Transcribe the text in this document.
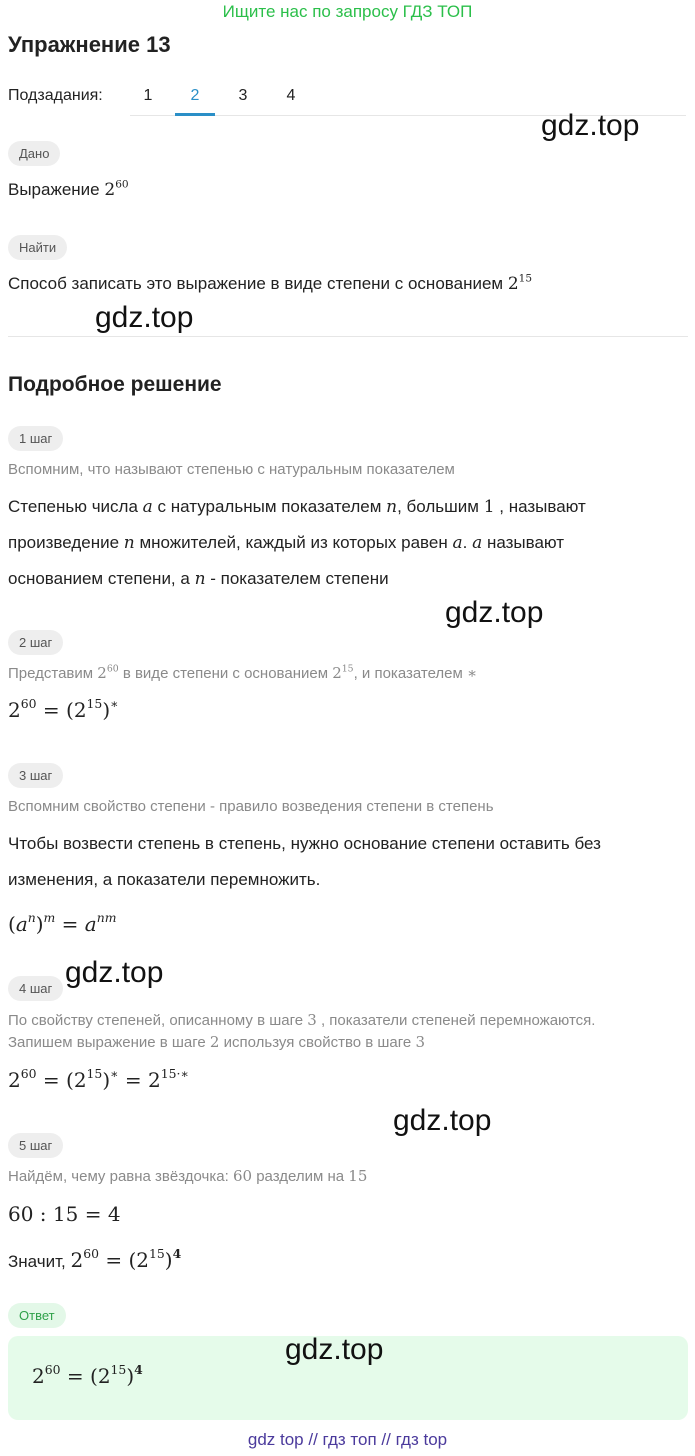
Ищите нас по запросу ГДЗ ТОП
Упражнение 13
Подзадания:	1	2	3	4
gdz.top
Дано
Выражение $2^{60}$
Найти
Способ записать это выражение в виде степени с основанием $2^{15}$
gdz.top
Подробное решение
1 шаг
Вспомним, что называют степенью с натуральным показателем
Степенью числа a с натуральным показателем n, большим 1 , называют
произведение n множителей, каждый из которых равен a. a называют
основанием степени, а n - показателем степени
gdz.top
2 шаг
Представим $2^{60}$ в виде степени с основанием $2^{15}$, и показателем ∗
$2^{60} = (2^{15})^∗$
3 шаг
Вспомним свойство степени - правило возведения степени в степень
Чтобы возвести степень в степень, нужно основание степени оставить без
изменения, а показатели перемножить.
$(a^n)^m = a^{nm}$
gdz.top
4 шаг
По свойству степеней, описанному в шаге 3 , показатели степеней перемножаются.
Запишем выражение в шаге 2 используя свойство в шаге 3
$2^{60} = (2^{15})^∗ = 2^{15\cdot∗}$
gdz.top
5 шаг
Найдём, чему равна звёздочка: 60 разделим на 15
60 : 15 = 4
Значит, $2^{60} = (2^{15})^4$
Ответ
$2^{60} = (2^{15})^4$
gdz.top
gdz top // гдз топ // гдз top
